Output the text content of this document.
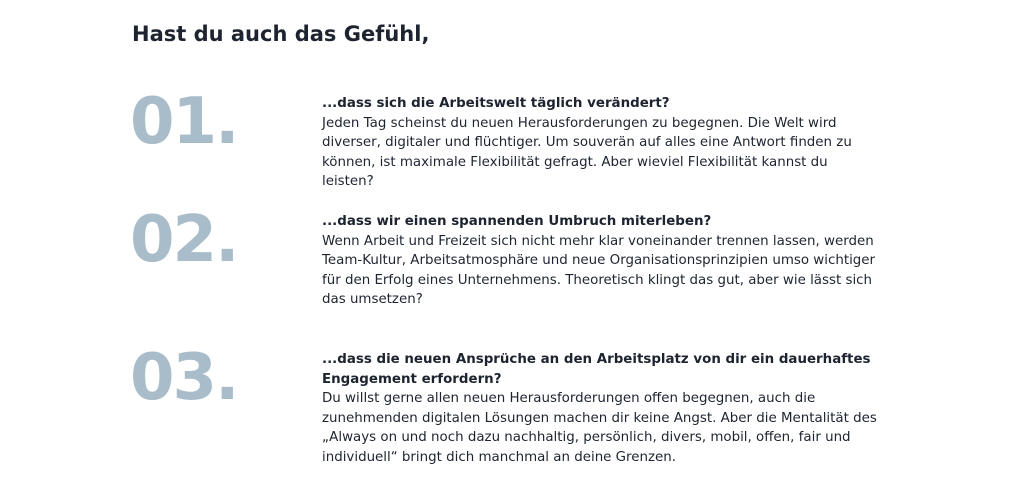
Hast du auch das Gefühl,
01.	...dass sich die Arbeitswelt täglich verändert?
Jeden Tag scheinst du neuen Herausforderungen zu begegnen. Die Welt wird diverser, digitaler und flüchtiger. Um souverän auf alles eine Antwort finden zu können, ist maximale Flexibilität gefragt. Aber wieviel Flexibilität kannst du leisten?
02.	...dass wir einen spannenden Umbruch miterleben?
Wenn Arbeit und Freizeit sich nicht mehr klar voneinander trennen lassen, werden Team-Kultur, Arbeitsatmosphäre und neue Organisationsprinzipien umso wichtiger für den Erfolg eines Unternehmens. Theoretisch klingt das gut, aber wie lässt sich das umsetzen?
03.	...dass die neuen Ansprüche an den Arbeitsplatz von dir ein dauerhaftes Engagement erfordern?
Du willst gerne allen neuen Herausforderungen offen begegnen, auch die zunehmenden digitalen Lösungen machen dir keine Angst. Aber die Mentalität des „Always on und noch dazu nachhaltig, persönlich, divers, mobil, offen, fair und individuell“ bringt dich manchmal an deine Grenzen.
